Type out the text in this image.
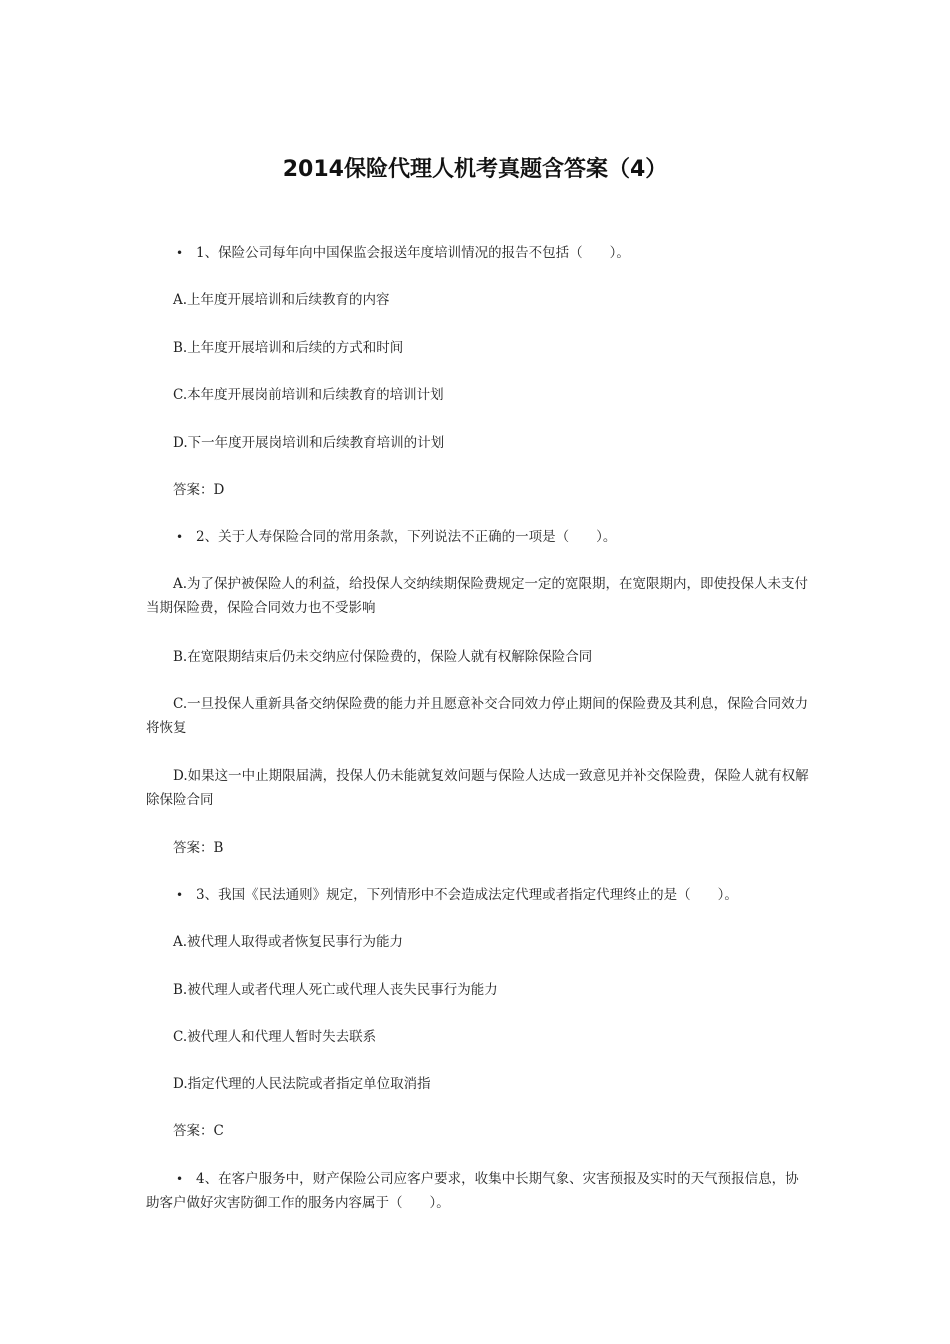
2014保险代理人机考真题含答案（4）

• 1、保险公司每年向中国保监会报送年度培训情况的报告不包括（　　）。

A.上年度开展培训和后续教育的内容

B.上年度开展培训和后续的方式和时间

C.本年度开展岗前培训和后续教育的培训计划

D.下一年度开展岗培训和后续教育培训的计划

答案：D

• 2、关于人寿保险合同的常用条款，下列说法不正确的一项是（　　）。

A.为了保护被保险人的利益，给投保人交纳续期保险费规定一定的宽限期，在宽限期内，即使投保人未支付当期保险费，保险合同效力也不受影响

B.在宽限期结束后仍未交纳应付保险费的，保险人就有权解除保险合同

C.一旦投保人重新具备交纳保险费的能力并且愿意补交合同效力停止期间的保险费及其利息，保险合同效力将恢复

D.如果这一中止期限届满，投保人仍未能就复效问题与保险人达成一致意见并补交保险费，保险人就有权解除保险合同

答案：B

• 3、我国《民法通则》规定，下列情形中不会造成法定代理或者指定代理终止的是（　　）。

A.被代理人取得或者恢复民事行为能力

B.被代理人或者代理人死亡或代理人丧失民事行为能力

C.被代理人和代理人暂时失去联系

D.指定代理的人民法院或者指定单位取消指

答案：C

• 4、在客户服务中，财产保险公司应客户要求，收集中长期气象、灾害预报及实时的天气预报信息，协助客户做好灾害防御工作的服务内容属于（　　）。
